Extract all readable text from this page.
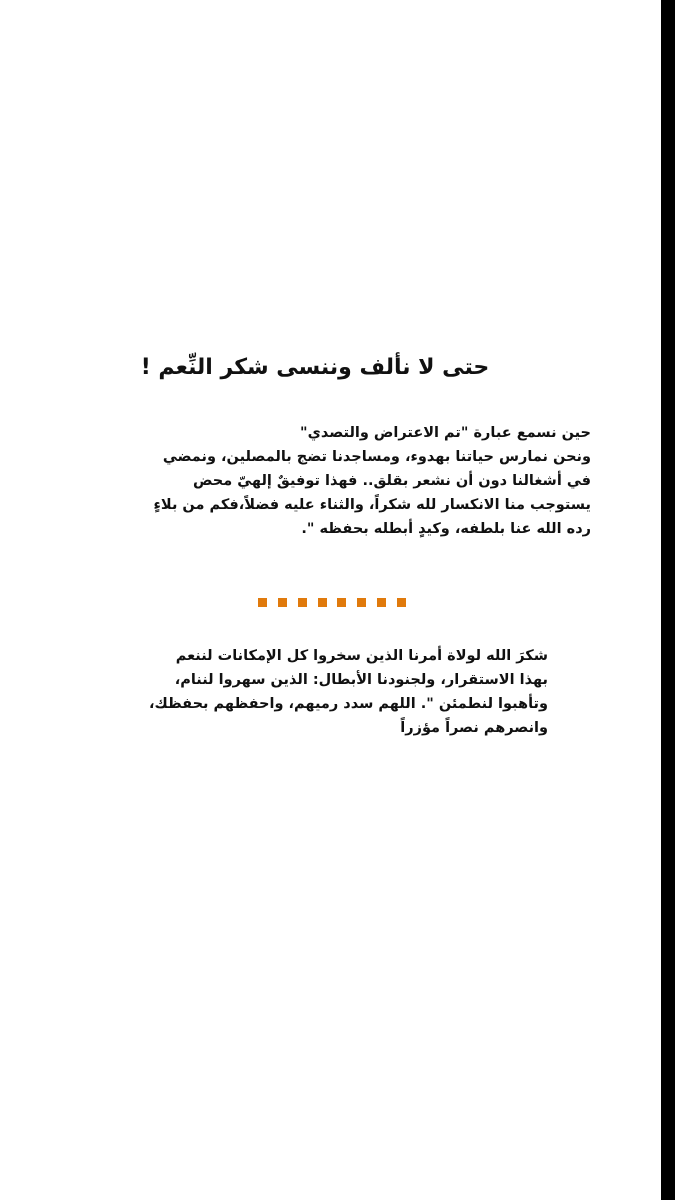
حتى لا نألف وننسى شكر النِّعم !

حين نسمع عبارة "تم الاعتراض والتصدي"
ونحن نمارس حياتنا بهدوء، ومساجدنا تضج بالمصلين، ونمضي
في أشغالنا دون أن نشعر بقلق.. فهذا توفيقٌ إلهيّ محض
يستوجب منا الانكسار لله شكراً، والثناء عليه فضلاً،فكم من بلاءٍ
رده الله عنا بلطفه، وكيدٍ أبطله بحفظه ".

شكرَ الله لولاة أمرنا الذين سخروا كل الإمكانات لننعم
بهذا الاستقرار، ولجنودنا الأبطال: الذين سهروا لننام،
وتأهبوا لنطمئن ". اللهم سدد رميهم، واحفظهم بحفظك،
وانصرهم نصراً مؤزراً
